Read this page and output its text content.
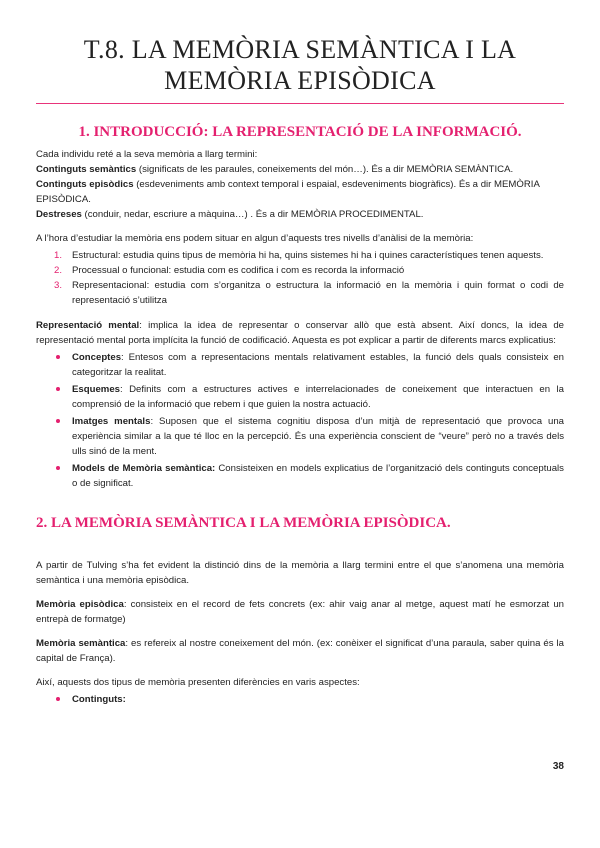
T.8. LA MEMÒRIA SEMÀNTICA I LA MEMÒRIA EPISÒDICA
1. INTRODUCCIÓ: LA REPRESENTACIÓ DE LA INFORMACIÓ.

Cada individu reté a la seva memòria a llarg termini:

Continguts semàntics (significats de les paraules, coneixements del món…). És a dir MEMÒRIA SEMÀNTICA.

Continguts episòdics (esdeveniments amb context temporal i espaial, esdeveniments biogràfics). És a dir MEMÒRIA EPISÒDICA.

Destreses (conduir, nedar, escriure a màquina…) . És a dir MEMÒRIA PROCEDIMENTAL.

A l’hora d’estudiar la memòria ens podem situar en algun d’aquests tres nivells d’anàlisi de la memòria:

1. Estructural: estudia quins tipus de memòria hi ha, quins sistemes hi ha i quines característiques tenen aquests.
2. Processual o funcional: estudia com es codifica i com es recorda la informació
3. Representacional: estudia com s’organitza o estructura la informació en la memòria i quin format o codi de representació s’utilitza

Representació mental: implica la idea de representar o conservar allò que està absent. Així doncs, la idea de representació mental porta implícita la funció de codificació. Aquesta es pot explicar a partir de diferents marcs explicatius:

Conceptes: Entesos com a representacions mentals relativament estables, la funció dels quals consisteix en categoritzar la realitat.
Esquemes: Definits com a estructures actives e interrelacionades de coneixement que interactuen en la comprensió de la informació que rebem i que guien la nostra actuació.
Imatges mentals: Suposen que el sistema cognitiu disposa d’un mitjà de representació que provoca una experiència similar a la que té lloc en la percepció. És una experiència conscient de “veure” però no a través dels ulls sinó de la ment.
Models de Memòria semàntica: Consisteixen en models explicatius de l’organització dels continguts conceptuals o de significat.
2. LA MEMÒRIA SEMÀNTICA I LA MEMÒRIA EPISÒDICA.

A partir de Tulving s’ha fet evident la distinció dins de la memòria a llarg termini entre el que s’anomena una memòria semàntica i una memòria episòdica.

Memòria episòdica: consisteix en el record de fets concrets (ex: ahir vaig anar al metge, aquest matí he esmorzat un entrepà de formatge)

Memòria semàntica: es refereix al nostre coneixement del món. (ex: conèixer el significat d’una paraula, saber quina és la capital de França).

Així, aquests dos tipus de memòria presenten diferències en varis aspectes:

Continguts:
38
